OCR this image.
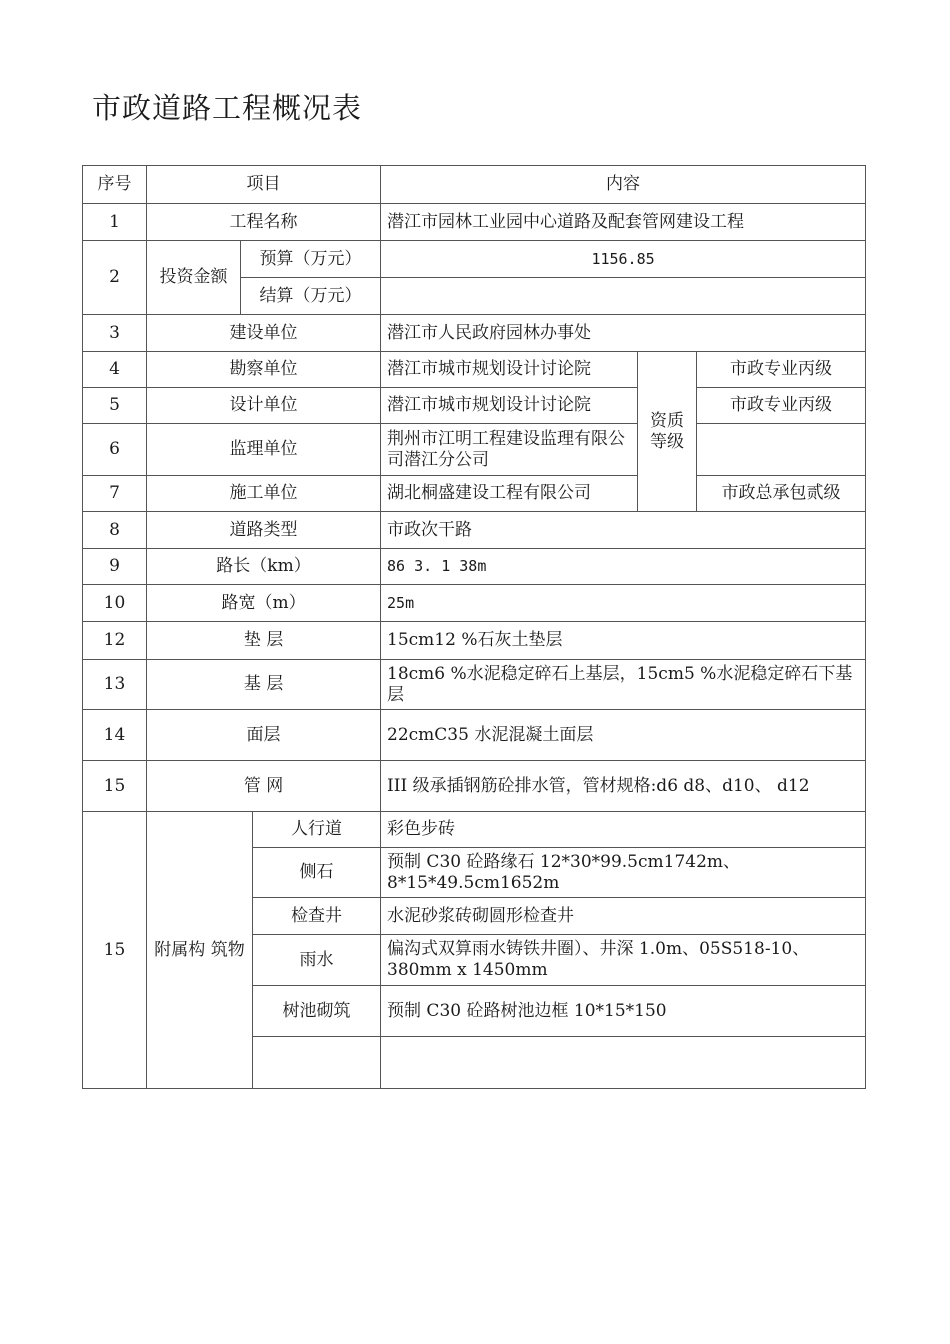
市政道路工程概况表
序号	项目			内容		
1	工程名称			潜江市园林工业园中心道路及配套管网建设工程		
2	投资金额	预算（万元）		1156.85		
		结算（万元）				
3	建设单位			潜江市人民政府园林办事处		
4	勘察单位			潜江市城市规划设计讨论院	资质等级	市政专业丙级
5	设计单位			潜江市城市规划设计讨论院		市政专业丙级
6	监理单位			荆州市江明工程建设监理有限公司潜江分公司		
7	施工单位			湖北桐盛建设工程有限公司		市政总承包贰级
8	道路类型			市政次干路		
9	路长（km）			86 3. 1 38m		
10	路宽（m）			25m		
12	垫 层			15cm12 %石灰土垫层		
13	基 层			18cm6 %水泥稳定碎石上基层，15cm5 %水泥稳定碎石下基层		
14	面层			22cmC35 水泥混凝土面层		
15	管 网			III 级承插钢筋砼排水管，管材规格:d6 d8、d10、 d12		
15	附属构 筑物		人行道	彩色步砖		
			侧石	预制 C30 砼路缘石 12*30*99.5cm1742m、8*15*49.5cm1652m		
			检查井	水泥砂浆砖砌圆形检查井		
			雨水	偏沟式双算雨水铸铁井圈）、井深 1.0m、05S518-10、380mm x 1450mm		
			树池砌筑	预制 C30 砼路树池边框 10*15*150		
